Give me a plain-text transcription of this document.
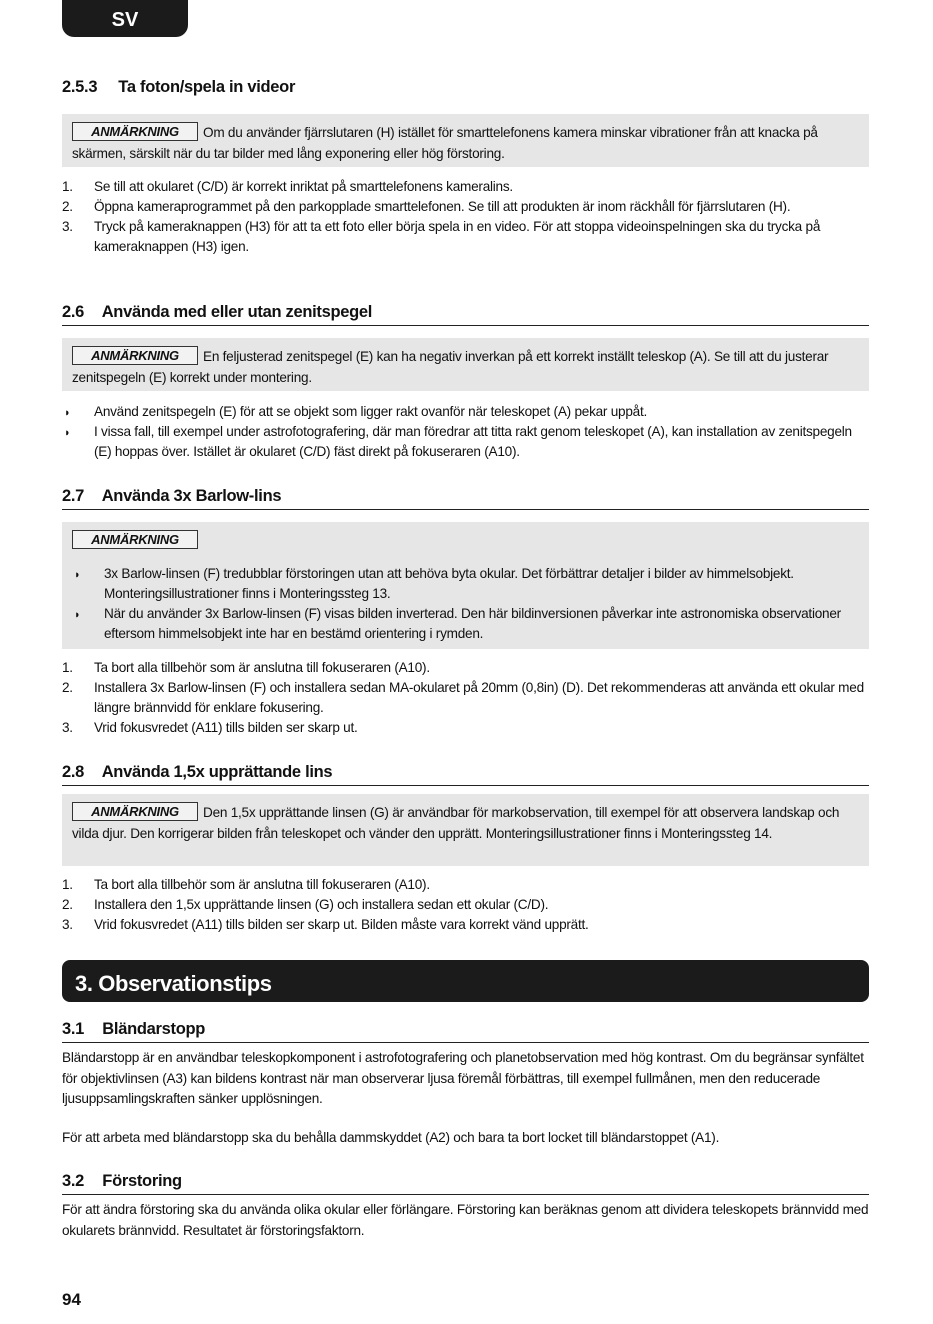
SV
2.5.3 Ta foton/spela in videor
ANMÄRKNING Om du använder fjärrslutaren (H) istället för smarttelefonens kamera minskar vibrationer från att knacka på skärmen, särskilt när du tar bilder med lång exponering eller hög förstoring.
1. Se till att okularet (C/D) är korrekt inriktat på smarttelefonens kameralins.
2. Öppna kameraprogrammet på den parkopplade smarttelefonen. Se till att produkten är inom räckhåll för fjärrslutaren (H).
3. Tryck på kameraknappen (H3) för att ta ett foto eller börja spela in en video. För att stoppa videoinspelningen ska du trycka på kameraknappen (H3) igen.
2.6 Använda med eller utan zenitspegel
ANMÄRKNING En feljusterad zenitspegel (E) kan ha negativ inverkan på ett korrekt inställt teleskop (A). Se till att du justerar zenitspegeln (E) korrekt under montering.
◗ Använd zenitspegeln (E) för att se objekt som ligger rakt ovanför när teleskopet (A) pekar uppåt.
◗ I vissa fall, till exempel under astrofotografering, där man föredrar att titta rakt genom teleskopet (A), kan installation av zenitspegeln (E) hoppas över. Istället är okularet (C/D) fäst direkt på fokuseraren (A10).
2.7 Använda 3x Barlow-lins
ANMÄRKNING
◗ 3x Barlow-linsen (F) tredubblar förstoringen utan att behöva byta okular. Det förbättrar detaljer i bilder av himmelsobjekt. Monteringsillustrationer finns i Monteringssteg 13.
◗ När du använder 3x Barlow-linsen (F) visas bilden inverterad. Den här bildinversionen påverkar inte astronomiska observationer eftersom himmelsobjekt inte har en bestämd orientering i rymden.
1. Ta bort alla tillbehör som är anslutna till fokuseraren (A10).
2. Installera 3x Barlow-linsen (F) och installera sedan MA-okularet på 20mm (0,8in) (D). Det rekommenderas att använda ett okular med längre brännvidd för enklare fokusering.
3. Vrid fokusvredet (A11) tills bilden ser skarp ut.
2.8 Använda 1,5x upprättande lins
ANMÄRKNING Den 1,5x upprättande linsen (G) är användbar för markobservation, till exempel för att observera landskap och vilda djur. Den korrigerar bilden från teleskopet och vänder den upprätt. Monteringsillustrationer finns i Monteringssteg 14.
1. Ta bort alla tillbehör som är anslutna till fokuseraren (A10).
2. Installera den 1,5x upprättande linsen (G) och installera sedan ett okular (C/D).
3. Vrid fokusvredet (A11) tills bilden ser skarp ut. Bilden måste vara korrekt vänd upprätt.
3. Observationstips
3.1 Bländarstopp

Bländarstopp är en användbar teleskopkomponent i astrofotografering och planetobservation med hög kontrast. Om du begränsar synfältet för objektivlinsen (A3) kan bildens kontrast när man observerar ljusa föremål förbättras, till exempel fullmånen, men den reducerade ljusuppsamlingskraften sänker upplösningen.

För att arbeta med bländarstopp ska du behålla dammskyddet (A2) och bara ta bort locket till bländarstoppet (A1).

3.2 Förstoring

För att ändra förstoring ska du använda olika okular eller förlängare. Förstoring kan beräknas genom att dividera teleskopets brännvidd med okularets brännvidd. Resultatet är förstoringsfaktorn.

94
